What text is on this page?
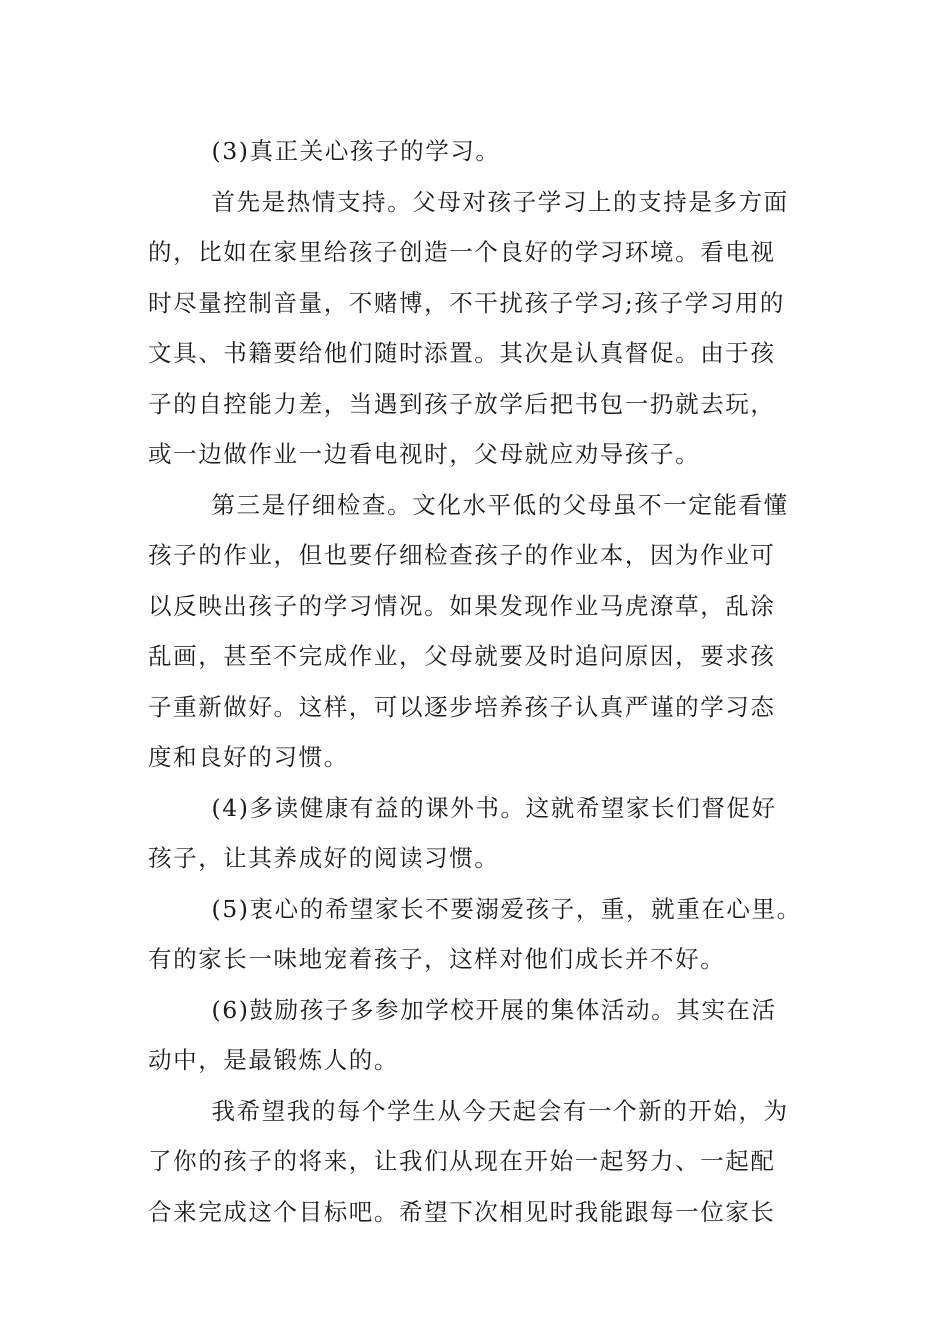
(3)真正关心孩子的学习。

首先是热情支持。父母对孩子学习上的支持是多方面
的，比如在家里给孩子创造一个良好的学习环境。看电视
时尽量控制音量，不赌博，不干扰孩子学习;孩子学习用的
文具、书籍要给他们随时添置。其次是认真督促。由于孩
子的自控能力差，当遇到孩子放学后把书包一扔就去玩，
或一边做作业一边看电视时，父母就应劝导孩子。

第三是仔细检查。文化水平低的父母虽不一定能看懂
孩子的作业，但也要仔细检查孩子的作业本，因为作业可
以反映出孩子的学习情况。如果发现作业马虎潦草，乱涂
乱画，甚至不完成作业，父母就要及时追问原因，要求孩
子重新做好。这样，可以逐步培养孩子认真严谨的学习态
度和良好的习惯。

(4)多读健康有益的课外书。这就希望家长们督促好
孩子，让其养成好的阅读习惯。

(5)衷心的希望家长不要溺爱孩子，重，就重在心里。
有的家长一味地宠着孩子，这样对他们成长并不好。

(6)鼓励孩子多参加学校开展的集体活动。其实在活
动中，是最锻炼人的。

我希望我的每个学生从今天起会有一个新的开始，为
了你的孩子的将来，让我们从现在开始一起努力、一起配
合来完成这个目标吧。希望下次相见时我能跟每一位家长
